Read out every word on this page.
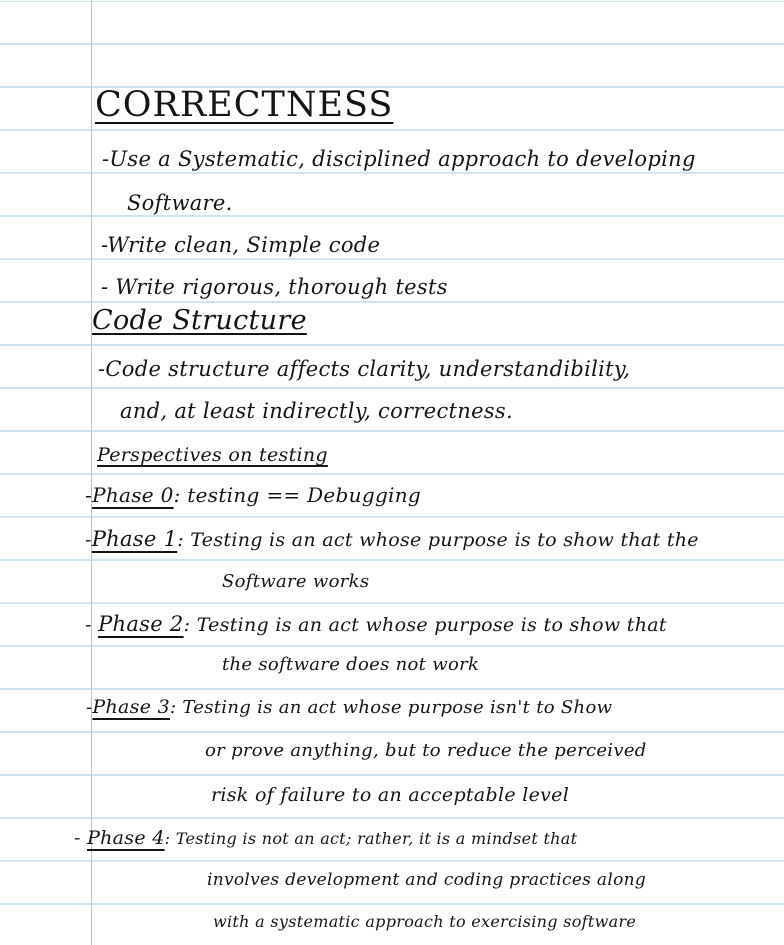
CORRECTNESS
-Use a Systematic, disciplined approach to developing
Software.
-Write clean, Simple code
- Write rigorous, thorough tests
Code Structure
-Code structure affects clarity, understandibility,
and, at least indirectly, correctness.
Perspectives on testing
-Phase 0: testing == Debugging
-Phase 1: Testing is an act whose purpose is to show that the
Software works
- Phase 2: Testing is an act whose purpose is to show that
the software does not work
-Phase 3: Testing is an act whose purpose isn't to Show
or prove anything, but to reduce the perceived
risk of failure to an acceptable level
- Phase 4: Testing is not an act; rather, it is a mindset that
involves development and coding practices along
with a systematic approach to exercising software
